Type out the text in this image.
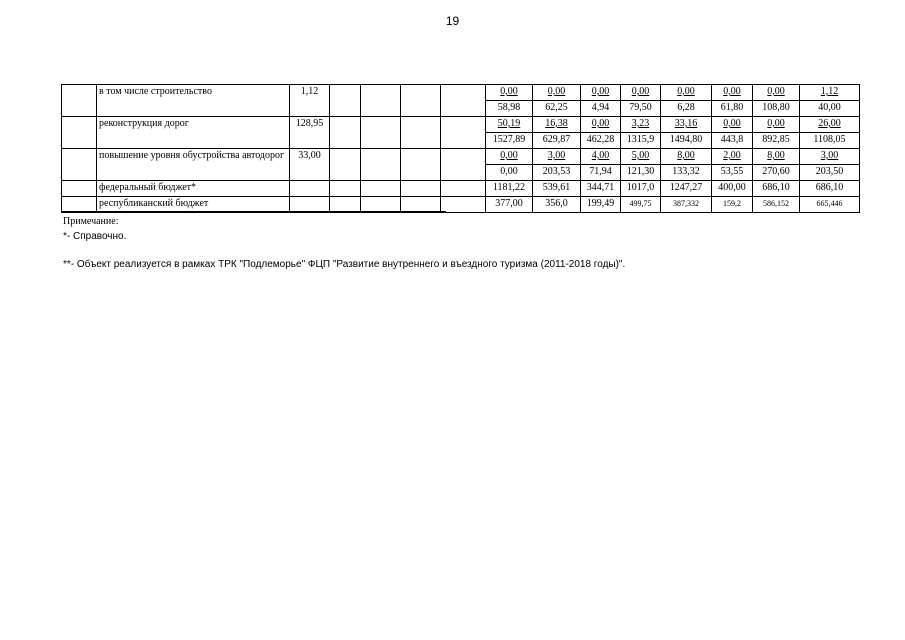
19
	в том числе строительство	1,12					0,00	0,00	0,00	0,00	0,00	0,00	0,00	1,12
							58,98	62,25	4,94	79,50	6,28	61,80	108,80	40,00
	реконструкция дорог	128,95					50,19	16,38	0,00	3,23	33,16	0,00	0,00	26,00
							1527,89	629,87	462,28	1315,9	1494,80	443,8	892,85	1108,05
	повышение уровня обустройства автодорог	33,00					0,00	3,00	4,00	5,00	8,00	2,00	8,00	3,00
							0,00	203,53	71,94	121,30	133,32	53,55	270,60	203,50
	федеральный бюджет*						1181,22	539,61	344,71	1017,0	1247,27	400,00	686,10	686,10
	республиканский бюджет						377,00	356,0	199,49	499,75	387,332	159,2	586,152	665,446
Примечание:
*- Справочно.
**- Объект реализуется в рамках ТРК "Подлеморье" ФЦП "Развитие внутреннего и въездного туризма (2011-2018 годы)".
